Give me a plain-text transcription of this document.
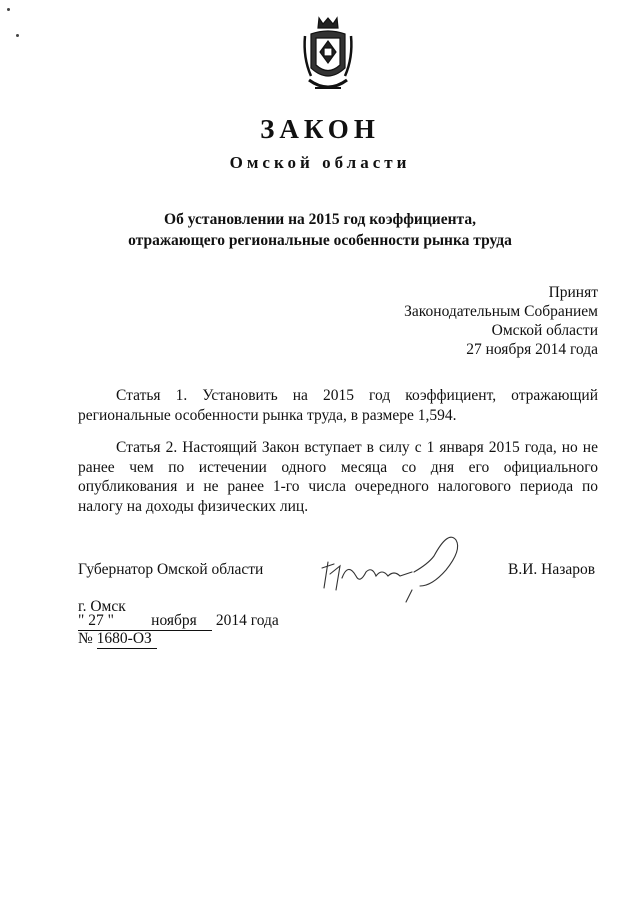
ЗАКОН
Омской области
Об установлении на 2015 год коэффициента,
отражающего региональные особенности рынка труда
Принят
Законодательным Собранием
Омской области
27 ноября 2014 года
Статья 1. Установить на 2015 год коэффициент, отражающий региональные особенности рынка труда, в размере 1,594.
Статья 2. Настоящий Закон вступает в силу с 1 января 2015 года, но не ранее чем по истечении одного месяца со дня его официального опубликования и не ранее 1-го числа очередного налогового периода по налогу на доходы физических лиц.
Губернатор Омской области	В.И. Назаров
г. Омск
" 27 " ноября 2014 года
№ 1680-ОЗ
